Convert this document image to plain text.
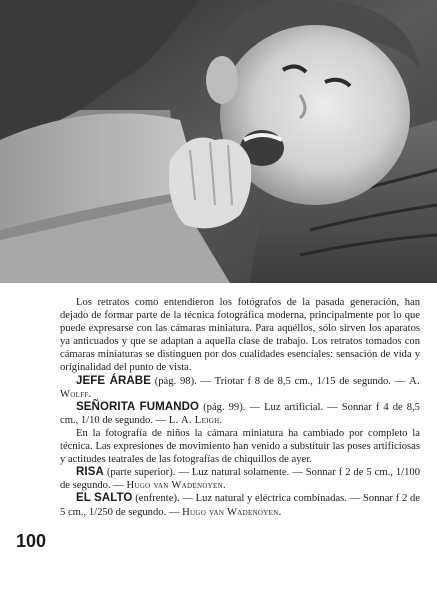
Los retratos como entendieron los fotógrafos de la pasada generación, han dejado de formar parte de la técnica fotográfica moderna, principalmente por lo que puede expresarse con las cámaras miniatura. Para aquéllos, sólo sirven los aparatos ya anticuados y que se adaptan a aquella clase de trabajo. Los retratos tomados con cámaras miniaturas se distinguen por dos cualidades esenciales: sensación de vida y originalidad del punto de vista.

JEFE ÁRABE (pág. 98). — Triotar f 8 de 8,5 cm., 1/15 de segundo. — A. Wolff.

SEÑORITA FUMANDO (pág. 99). — Luz artificial. — Sonnar f 4 de 8,5 cm., 1/10 de segundo. — L. A. Leigh.

En la fotografía de niños la cámara miniatura ha cambiado por completo la técnica. Las expresiones de movimiento han venido a substituir las poses artificiosas y actitudes teatrales de las fotografías de chiquillos de ayer.

RISA (parte superior). — Luz natural solamente. — Sonnar f 2 de 5 cm., 1/100 de segundo. — Hugo van Wadenoyen.

EL SALTO (enfrente). — Luz natural y eléctrica combinadas. — Sonnar f 2 de 5 cm., 1/250 de segundo. — Hugo van Wadenoyen.

100
